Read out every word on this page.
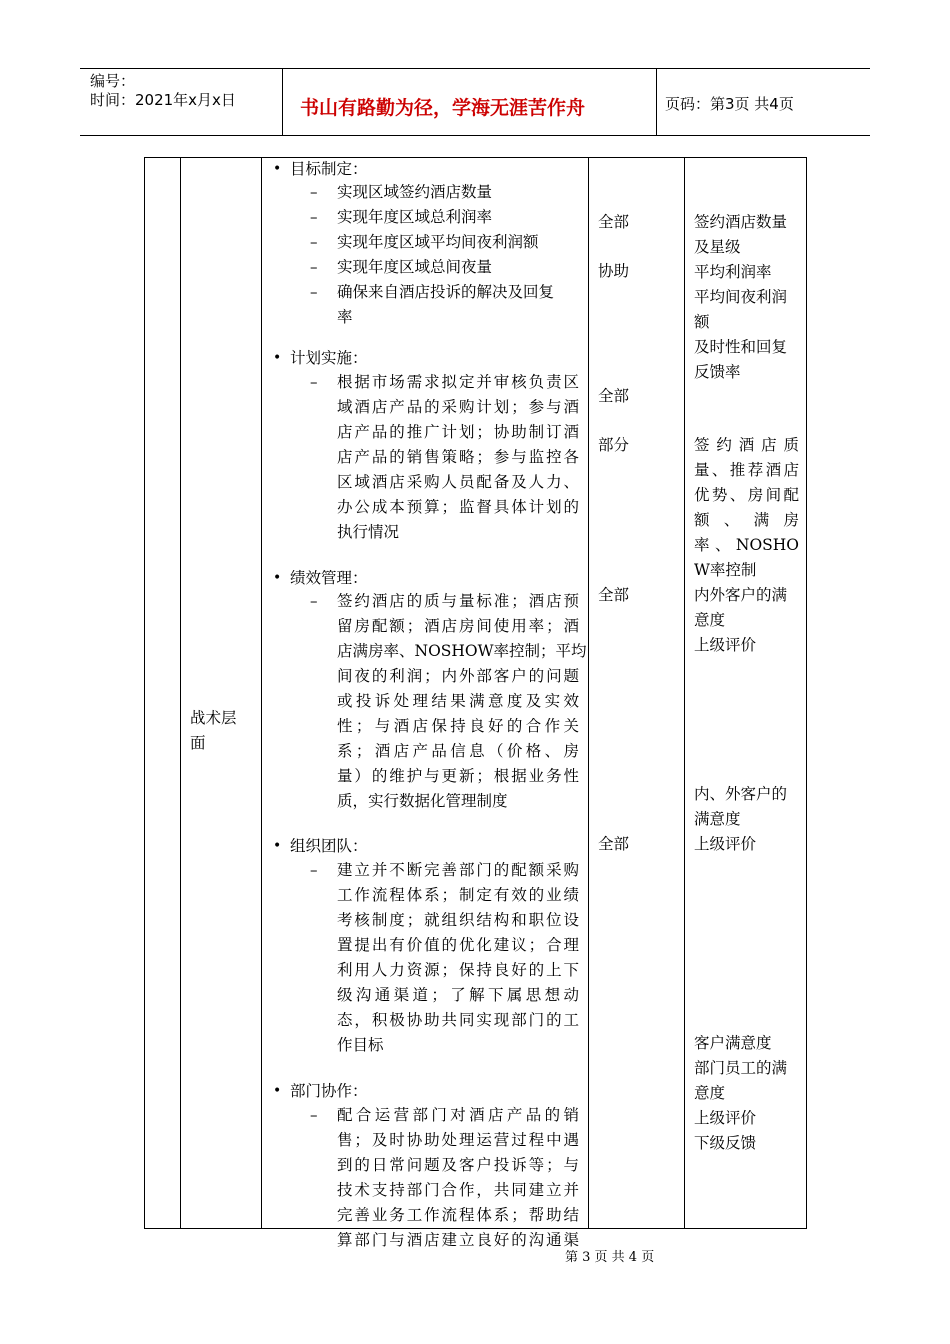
编号：
时间：2021年x月x日	书山有路勤为径，学海无涯苦作舟	页码：第3页 共4页
战术层
面
• 目标制定：
– 实现区域签约酒店数量
– 实现年度区域总利润率
– 实现年度区域平均间夜利润额
– 实现年度区域总间夜量
– 确保来自酒店投诉的解决及回复
率
• 计划实施：
– 根据市场需求拟定并审核负责区
域酒店产品的采购计划；参与酒
店产品的推广计划；协助制订酒
店产品的销售策略；参与监控各
区域酒店采购人员配备及人力、
办公成本预算；监督具体计划的
执行情况
• 绩效管理：
– 签约酒店的质与量标准；酒店预
留房配额；酒店房间使用率；酒
店满房率、NOSHOW率控制；平均
间夜的利润；内外部客户的问题
或投诉处理结果满意度及实效
性；与酒店保持良好的合作关
系；酒店产品信息（价格、房
量）的维护与更新；根据业务性
质，实行数据化管理制度
• 组织团队：
– 建立并不断完善部门的配额采购
工作流程体系；制定有效的业绩
考核制度；就组织结构和职位设
置提出有价值的优化建议；合理
利用人力资源；保持良好的上下
级沟通渠道；了解下属思想动
态，积极协助共同实现部门的工
作目标
• 部门协作：
– 配合运营部门对酒店产品的销
售；及时协助处理运营过程中遇
到的日常问题及客户投诉等；与
技术支持部门合作，共同建立并
完善业务工作流程体系；帮助结
算部门与酒店建立良好的沟通渠
全部
协助
全部
部分
全部
全部
签约酒店数量
及星级
平均利润率
平均间夜利润
额
及时性和回复
反馈率
签约酒店质
量、推荐酒店
优势、房间配
额 、 满 房
率 、 NOSHO
W率控制
内外客户的满
意度
上级评价
内、外客户的
满意度
上级评价
客户满意度
部门员工的满
意度
上级评价
下级反馈
第 3 页 共 4 页
